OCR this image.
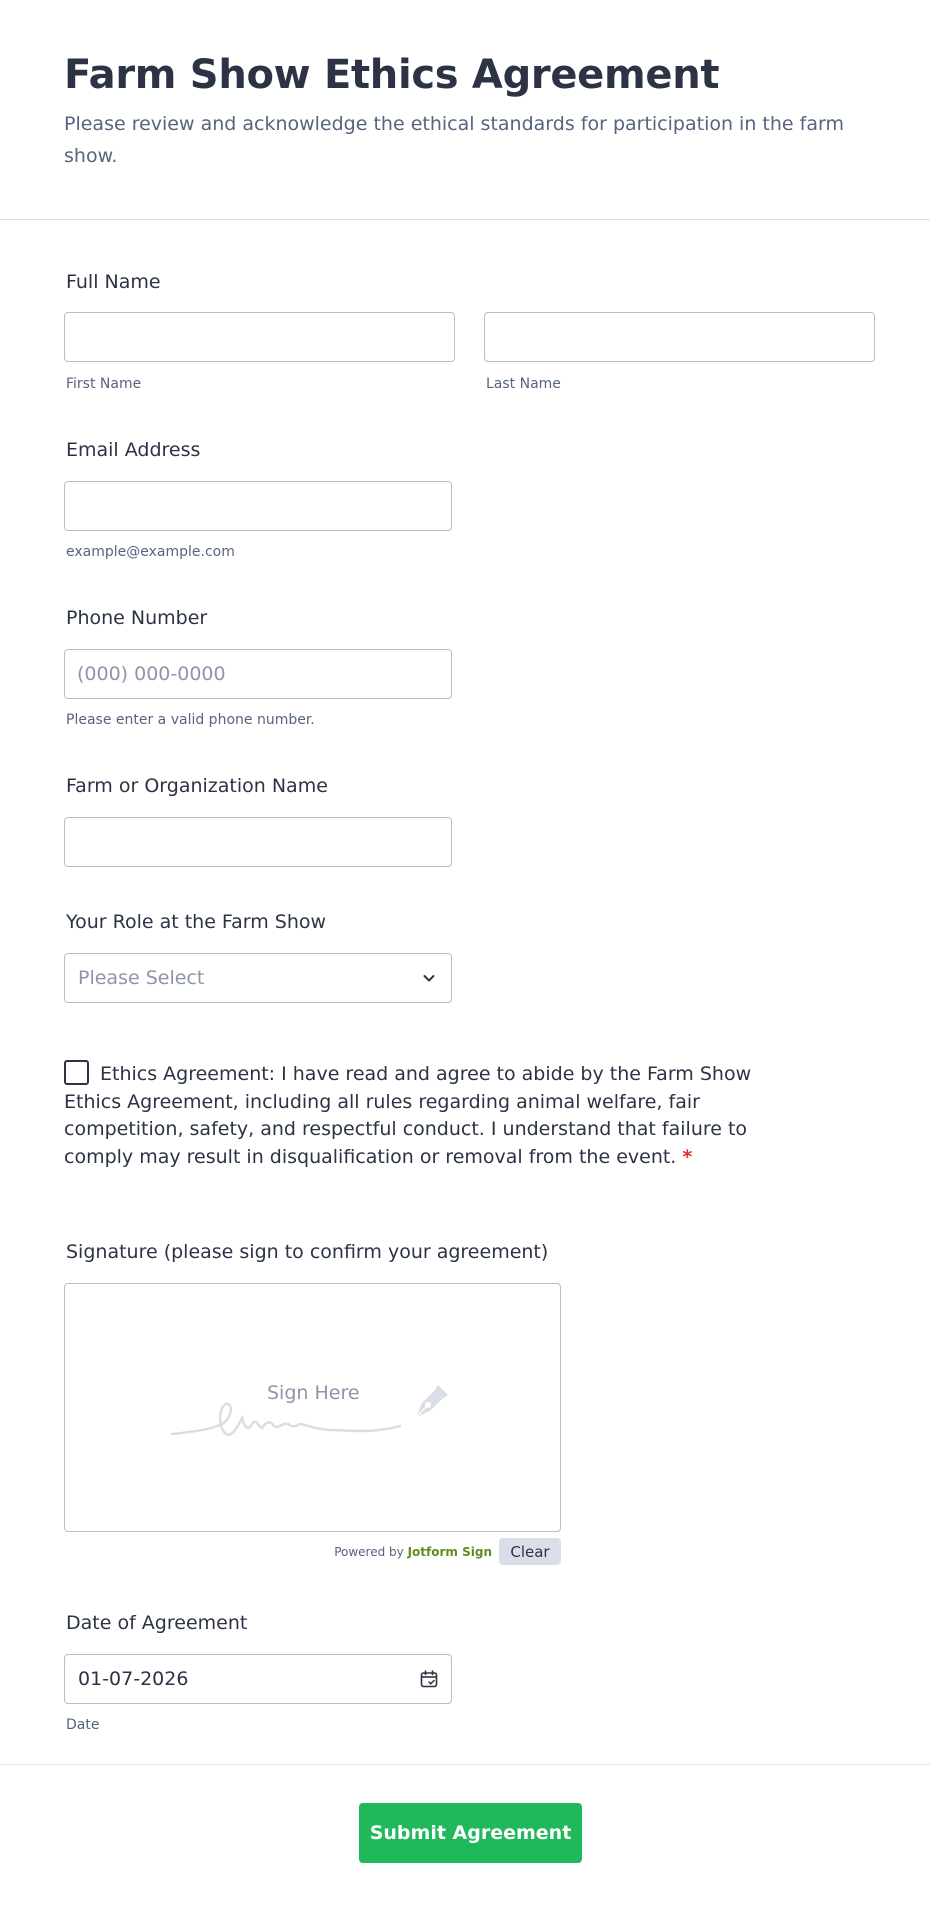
Farm Show Ethics Agreement

Please review and acknowledge the ethical standards for participation in the farm show.

Full Name
First Name	Last Name
Email Address
example@example.com
Phone Number
(000) 000-0000
Please enter a valid phone number.
Farm or Organization Name
Your Role at the Farm Show
Please Select
Ethics Agreement: I have read and agree to abide by the Farm Show Ethics Agreement, including all rules regarding animal welfare, fair competition, safety, and respectful conduct. I understand that failure to comply may result in disqualification or removal from the event. *
Signature (please sign to confirm your agreement)
Sign Here
Powered by Jotform Sign	Clear
Date of Agreement
01-07-2026
Date
Submit Agreement
